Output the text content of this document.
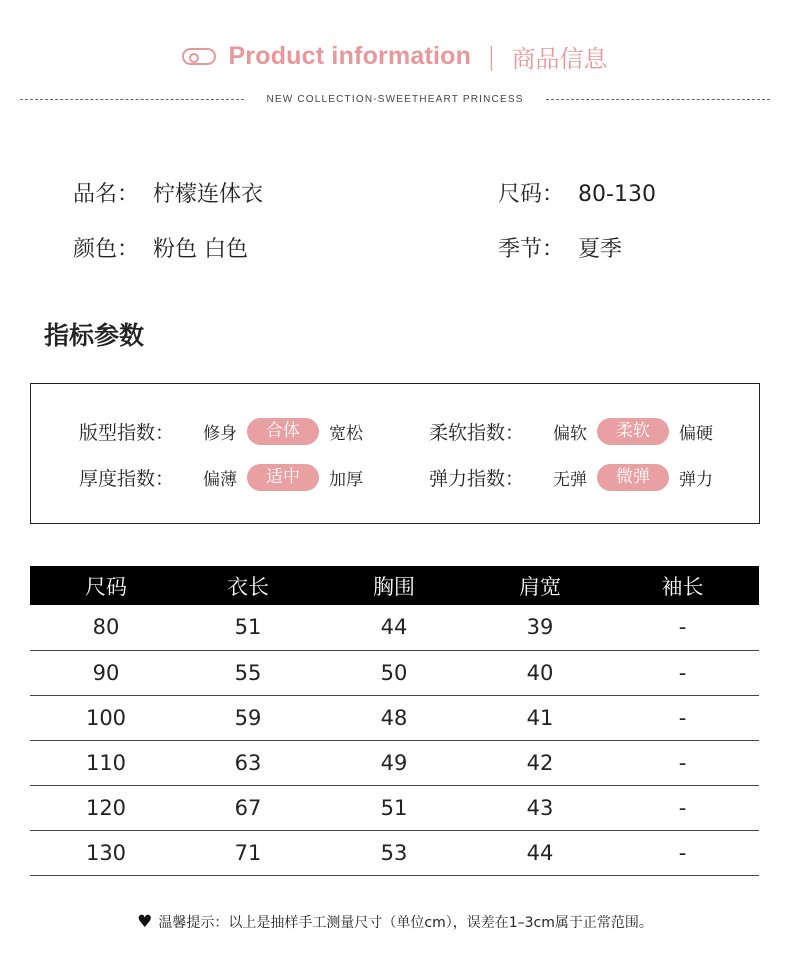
Product information | 商品信息
NEW COLLECTION-SWEETHEART PRINCESS
品名： 柠檬连体衣	尺码： 80-130
颜色： 粉色 白色	季节： 夏季
指标参数
版型指数：	修身	合体	宽松	柔软指数：	偏软	柔软	偏硬
厚度指数：	偏薄	适中	加厚	弹力指数：	无弹	微弹	弹力
尺码	衣长	胸围	肩宽	袖长
80	51	44	39	-
90	55	50	40	-
100	59	48	41	-
110	63	49	42	-
120	67	51	43	-
130	71	53	44	-
♥ 温馨提示：以上是抽样手工测量尺寸（单位cm），误差在1–3cm属于正常范围。
